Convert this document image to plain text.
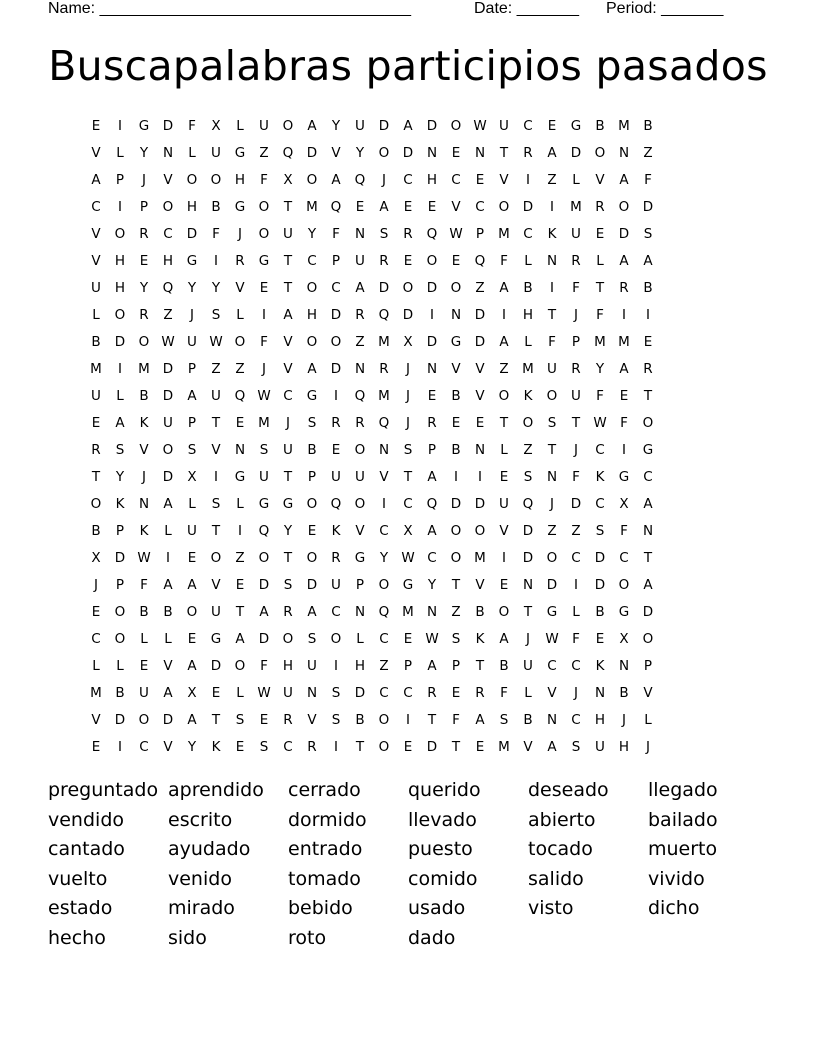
Name: ___________________________________	Date: _______ Period: _______
Buscapalabras participios pasados
E	I	G	D	F	X	L	U	O	A	Y	U	D	A	D O W U	C	E	G	B	M	B
V	L	Y	N	L	U	G	Z	Q D	V	Y	O D	N	E	N	T	R	A	D O	N	Z
A	P	J	V	O O	H	F	X	O	A	Q	J	C	H	C	E	V	I	Z	L	V	A	F
C	I	P	O	H	B	G O	T	M Q	E	A	E	E	V	C	O D	I	M R	O D
V	O	R	C	D	F	J	O	U	Y	F	N	S	R	Q W P	M C	K	U	E	D	S
V	H	E	H	G	I	R	G	T	C	P	U	R	E	O	E	Q	F	L	N	R	L	A	A
U	H	Y	Q	Y	Y	V	E	T	O	C	A	D O D O	Z	A	B	I	F	T	R	B
L	O	R	Z	J	S	L	I	A	H	D	R	Q D	I	N	D	I	H	T	J	F	I	I
B	D O W U W O	F	V	O O	Z	M	X	D	G	D	A	L	F	P	M M	E
M	I	M D	P	Z	Z	J	V	A	D	N	R	J	N	V	V	Z	M U	R	Y	A	R
U	L	B	D	A	U	Q W C	G	I	Q M	J	E	B	V	O	K	O	U	F	E	T
E	A	K	U	P	T	E	M	J	S	R	R	Q	J	R	E	E	T	O	S	T W F	O
R	S	V	O	S	V	N	S	U	B	E	O	N	S	P	B	N	L	Z	T	J	C	I	G
T	Y	J	D	X	I	G	U	T	P	U	U	V	T	A	I	I	E	S	N	F	K	G	C
O	K	N	A	L	S	L	G	G O Q O	I	C	Q D	D	U	Q	J	D	C	X	A
B	P	K	L	U	T	I	Q	Y	E	K	V	C	X	A	O O	V	D	Z	Z	S	F	N
X	D W	I	E	O	Z	O	T	O	R	G	Y W C	O M	I	D O	C	D	C	T
J	P	F	A	A	V	E	D	S	D	U	P	O G	Y	T	V	E	N	D	I	D O	A
E	O	B	B	O	U	T	A	R	A	C	N	Q M N	Z	B	O	T	G	L	B	G	D
C	O	L	L	E	G	A	D O	S	O	L	C	E W S	K	A	J	W F	E	X	O
L	L	E	V	A	D O	F	H	U	I	H	Z	P	A	P	T	B	U	C	C	K	N	P
M	B	U	A	X	E	L	W U	N	S	D	C	C	R	E	R	F	L	V	J	N	B	V
V	D O D	A	T	S	E	R	V	S	B	O	I	T	F	A	S	B	N	C	H	J	L
E	I	C	V	Y	K	E	S	C	R	I	T	O	E	D	T	E	M	V	A	S	U	H	J
preguntado aprendido	cerrado	querido	deseado	llegado
vendido	escrito	dormido	llevado	abierto	bailado
cantado	ayudado	entrado	puesto	tocado	muerto
vuelto	venido	tomado	comido	salido	vivido
estado	mirado	bebido	usado	visto	dicho
hecho	sido	roto	dado
